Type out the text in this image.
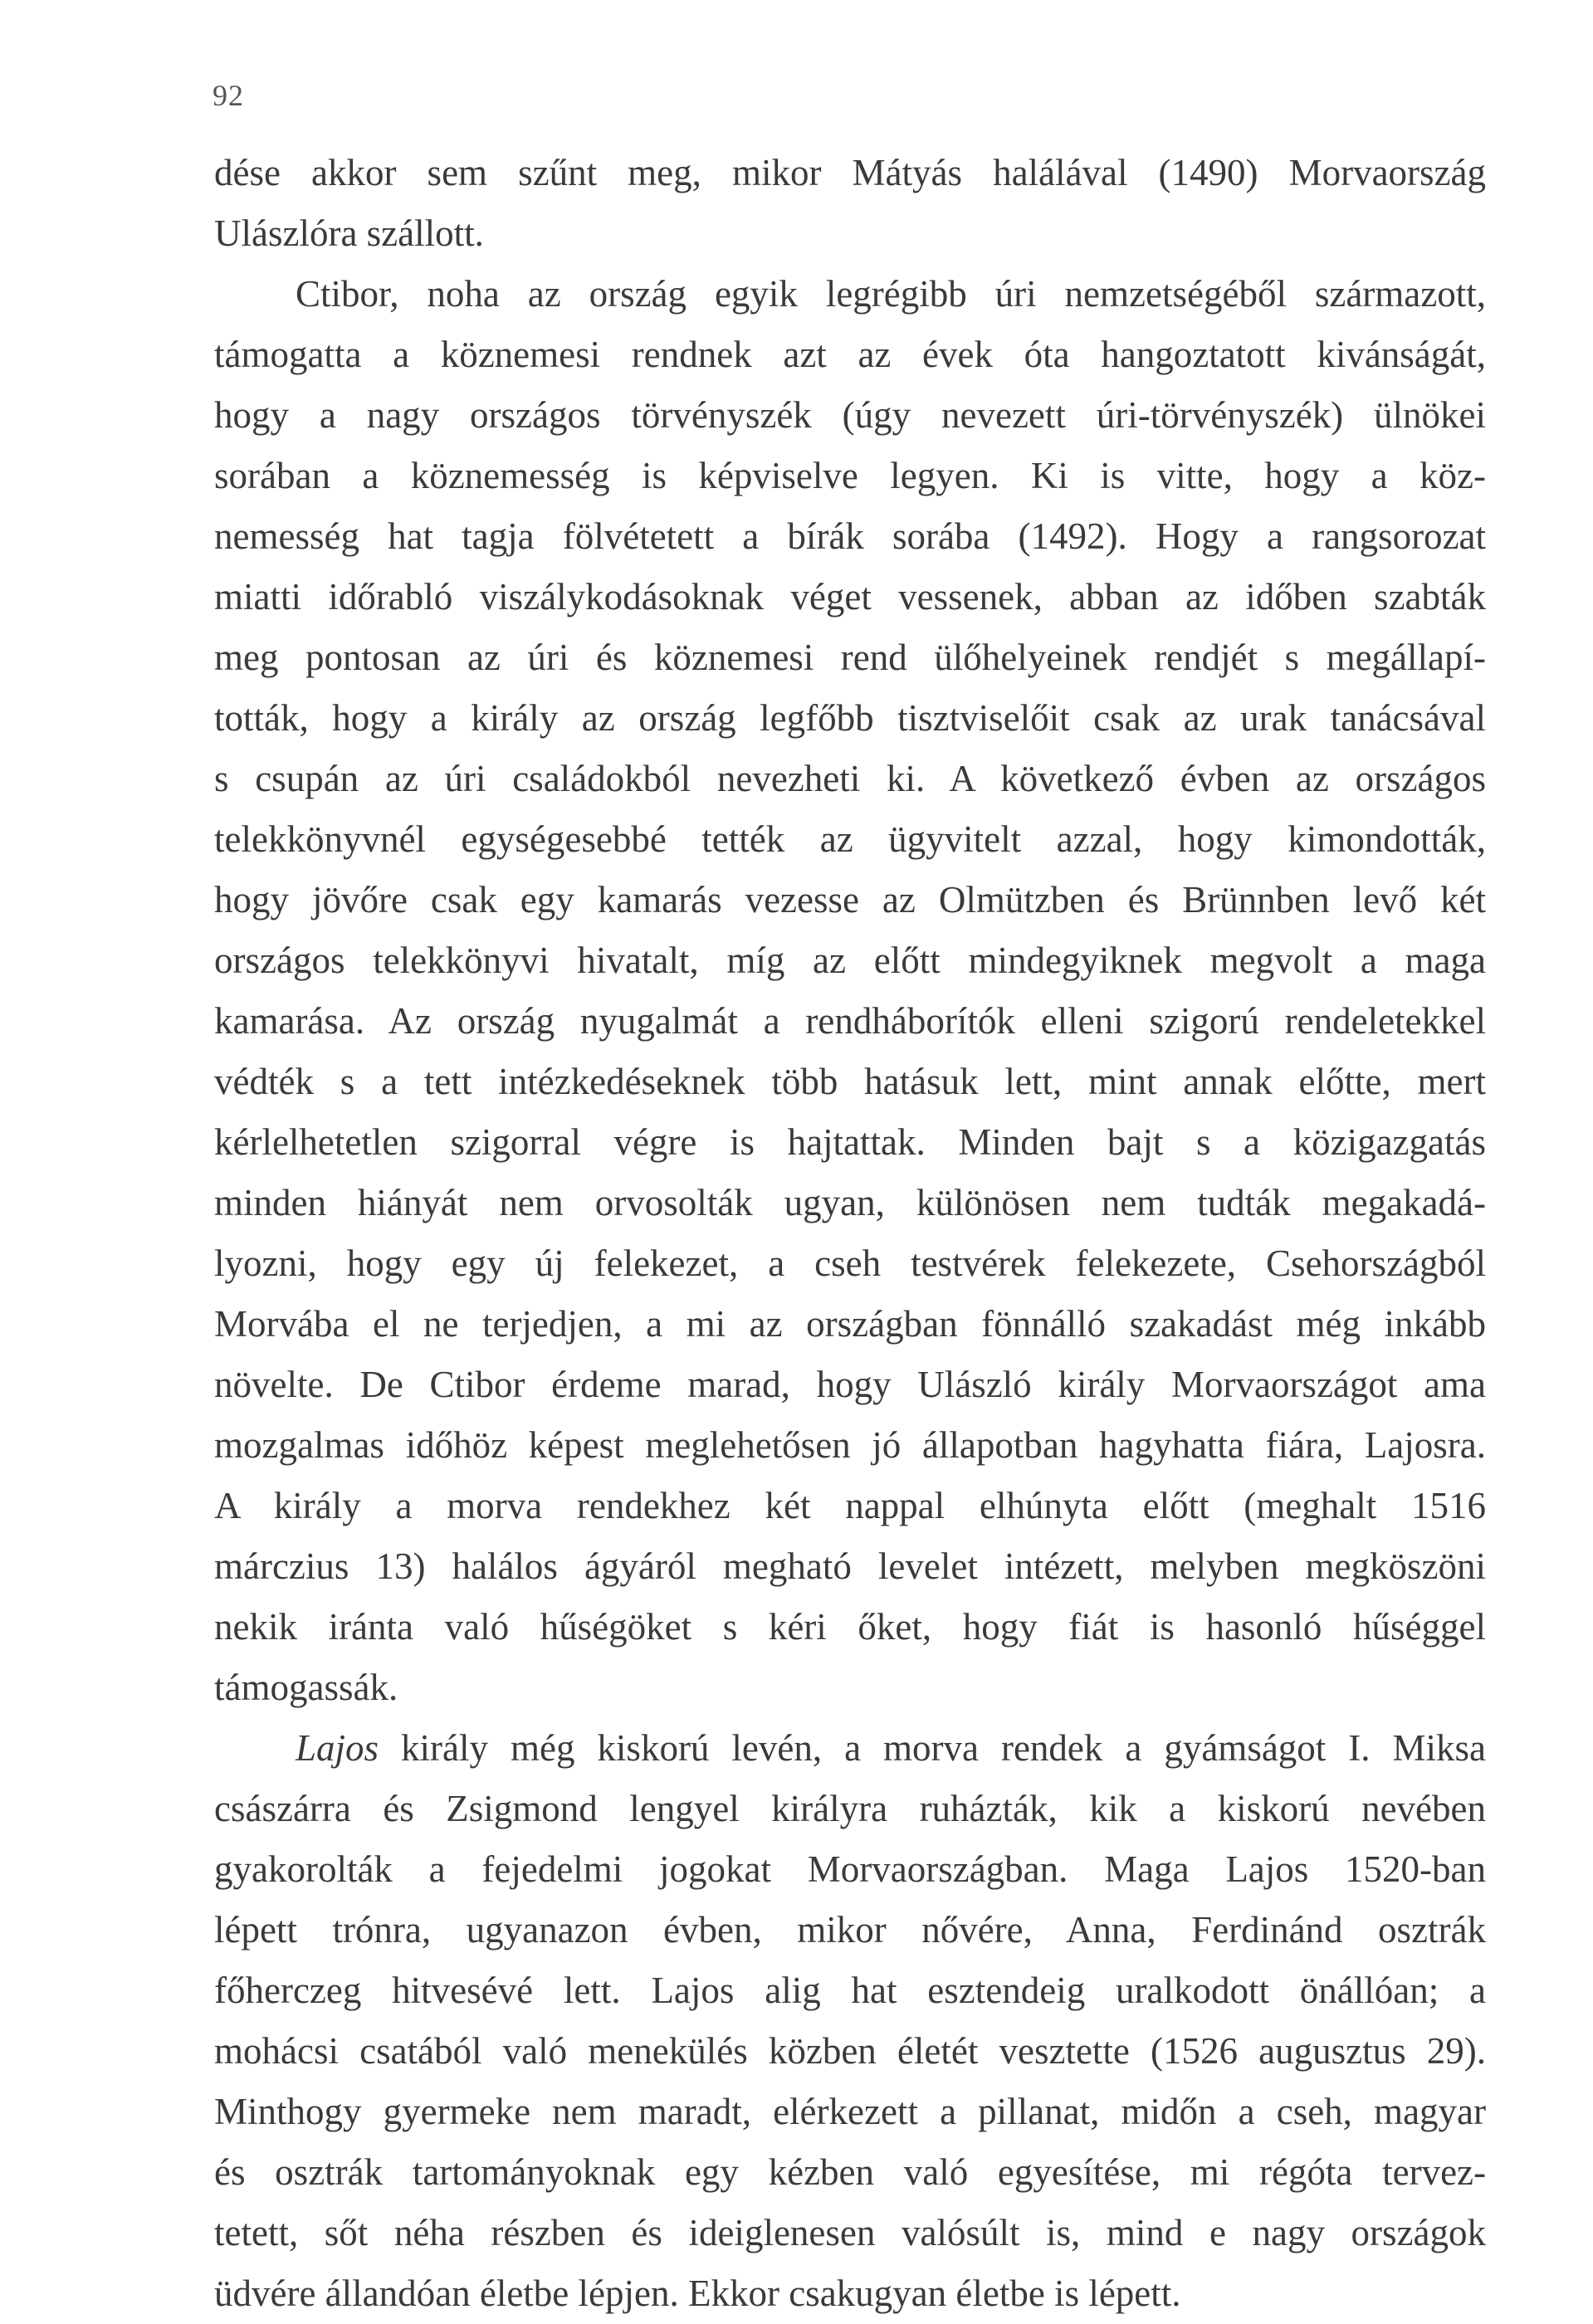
92
dése akkor sem szűnt meg, mikor Mátyás halálával (1490) Morvaország
Ulászlóra szállott.
Ctibor, noha az ország egyik legrégibb úri nemzetségéből származott,
támogatta a köznemesi rendnek azt az évek óta hangoztatott kivánságát,
hogy a nagy országos törvényszék (úgy nevezett úri-törvényszék) ülnökei
sorában a köznemesség is képviselve legyen. Ki is vitte, hogy a köz-
nemesség hat tagja fölvétetett a bírák sorába (1492). Hogy a rangsorozat
miatti időrabló viszálykodásoknak véget vessenek, abban az időben szabták
meg pontosan az úri és köznemesi rend ülőhelyeinek rendjét s megállapí-
tották, hogy a király az ország legfőbb tisztviselőit csak az urak tanácsával
s csupán az úri családokból nevezheti ki. A következő évben az országos
telekkönyvnél egységesebbé tették az ügyvitelt azzal, hogy kimondották,
hogy jövőre csak egy kamarás vezesse az Olmützben és Brünnben levő két
országos telekkönyvi hivatalt, míg az előtt mindegyiknek megvolt a maga
kamarása. Az ország nyugalmát a rendháborítók elleni szigorú rendeletekkel
védték s a tett intézkedéseknek több hatásuk lett, mint annak előtte, mert
kérlelhetetlen szigorral végre is hajtattak. Minden bajt s a közigazgatás
minden hiányát nem orvosolták ugyan, különösen nem tudták megakadá-
lyozni, hogy egy új felekezet, a cseh testvérek felekezete, Csehországból
Morvába el ne terjedjen, a mi az országban fönnálló szakadást még inkább
növelte. De Ctibor érdeme marad, hogy Ulászló király Morvaországot ama
mozgalmas időhöz képest meglehetősen jó állapotban hagyhatta fiára, Lajosra.
A király a morva rendekhez két nappal elhúnyta előtt (meghalt 1516
márczius 13) halálos ágyáról megható levelet intézett, melyben megköszöni
nekik iránta való hűségöket s kéri őket, hogy fiát is hasonló hűséggel
támogassák.
Lajos király még kiskorú levén, a morva rendek a gyámságot I. Miksa
császárra és Zsigmond lengyel királyra ruházták, kik a kiskorú nevében
gyakorolták a fejedelmi jogokat Morvaországban. Maga Lajos 1520-ban
lépett trónra, ugyanazon évben, mikor nővére, Anna, Ferdinánd osztrák
főherczeg hitvesévé lett. Lajos alig hat esztendeig uralkodott önállóan; a
mohácsi csatából való menekülés közben életét vesztette (1526 augusztus 29).
Minthogy gyermeke nem maradt, elérkezett a pillanat, midőn a cseh, magyar
és osztrák tartományoknak egy kézben való egyesítése, mi régóta tervez-
tetett, sőt néha részben és ideiglenesen valósúlt is, mind e nagy országok
üdvére állandóan életbe lépjen. Ekkor csakugyan életbe is lépett.
